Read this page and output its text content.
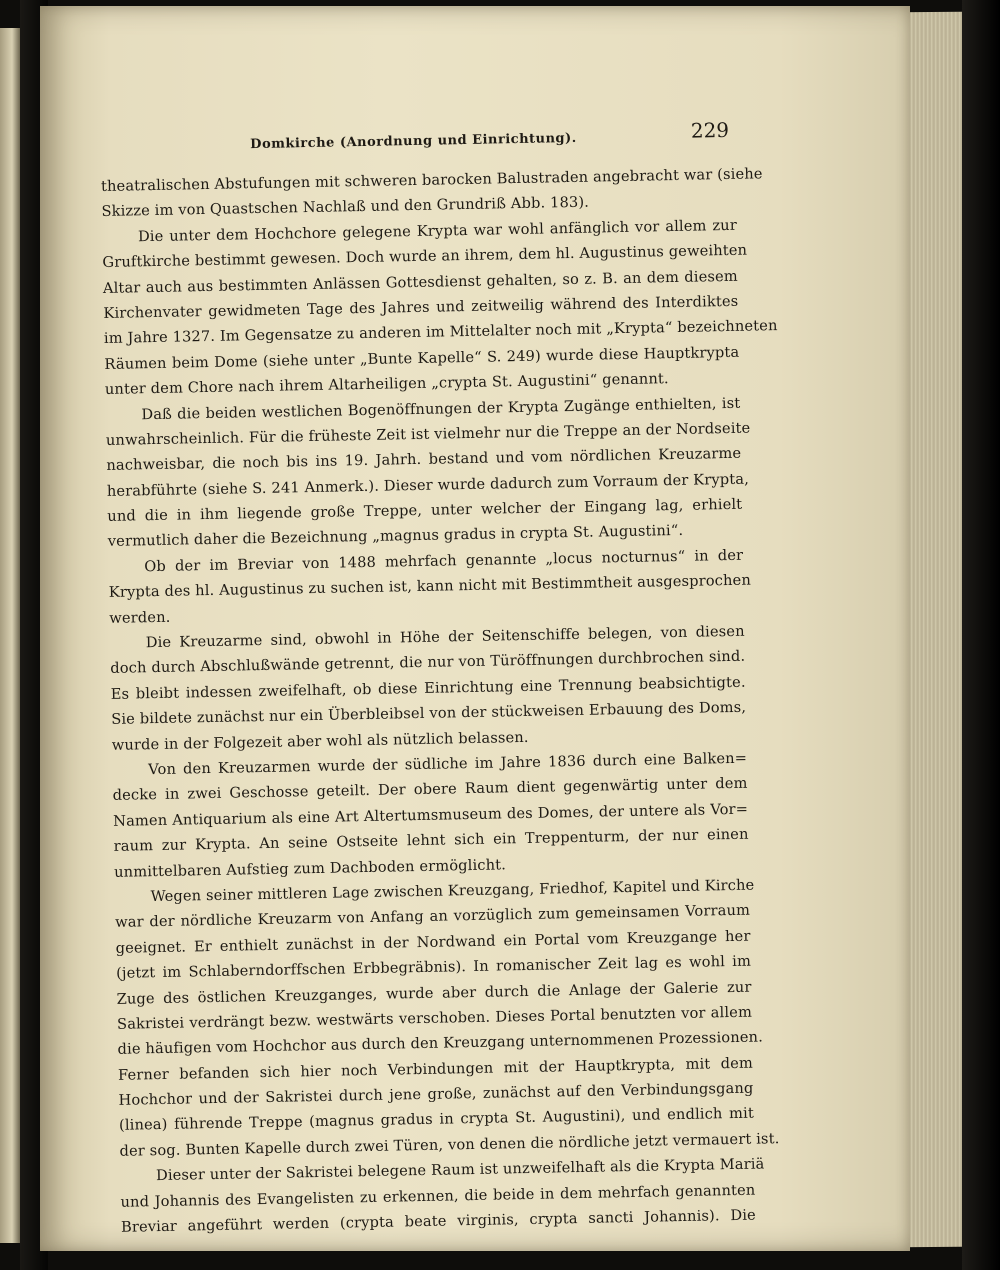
Domkirche (Anordnung und Einrichtung).	229

theatralischen Abstufungen mit schweren barocken Balustraden angebracht war (siehe

Skizze im von Quastschen Nachlaß und den Grundriß Abb. 183).

Die unter dem Hochchore gelegene Krypta war wohl anfänglich vor allem zur

Gruftkirche bestimmt gewesen. Doch wurde an ihrem, dem hl. Augustinus geweihten

Altar auch aus bestimmten Anlässen Gottesdienst gehalten, so z. B. an dem diesem

Kirchenvater gewidmeten Tage des Jahres und zeitweilig während des Interdiktes

im Jahre 1327. Im Gegensatze zu anderen im Mittelalter noch mit „Krypta“ bezeichneten

Räumen beim Dome (siehe unter „Bunte Kapelle“ S. 249) wurde diese Hauptkrypta

unter dem Chore nach ihrem Altarheiligen „crypta St. Augustini“ genannt.

Daß die beiden westlichen Bogenöffnungen der Krypta Zugänge enthielten, ist

unwahrscheinlich. Für die früheste Zeit ist vielmehr nur die Treppe an der Nordseite

nachweisbar, die noch bis ins 19. Jahrh. bestand und vom nördlichen Kreuzarme

herabführte (siehe S. 241 Anmerk.). Dieser wurde dadurch zum Vorraum der Krypta,

und die in ihm liegende große Treppe, unter welcher der Eingang lag, erhielt

vermutlich daher die Bezeichnung „magnus gradus in crypta St. Augustini“.

Ob der im Breviar von 1488 mehrfach genannte „locus nocturnus“ in der

Krypta des hl. Augustinus zu suchen ist, kann nicht mit Bestimmtheit ausgesprochen

werden.

Die Kreuzarme sind, obwohl in Höhe der Seitenschiffe belegen, von diesen

doch durch Abschlußwände getrennt, die nur von Türöffnungen durchbrochen sind.

Es bleibt indessen zweifelhaft, ob diese Einrichtung eine Trennung beabsichtigte.

Sie bildete zunächst nur ein Überbleibsel von der stückweisen Erbauung des Doms,

wurde in der Folgezeit aber wohl als nützlich belassen.

Von den Kreuzarmen wurde der südliche im Jahre 1836 durch eine Balken=

decke in zwei Geschosse geteilt. Der obere Raum dient gegenwärtig unter dem

Namen Antiquarium als eine Art Altertumsmuseum des Domes, der untere als Vor=

raum zur Krypta. An seine Ostseite lehnt sich ein Treppenturm, der nur einen

unmittelbaren Aufstieg zum Dachboden ermöglicht.

Wegen seiner mittleren Lage zwischen Kreuzgang, Friedhof, Kapitel und Kirche

war der nördliche Kreuzarm von Anfang an vorzüglich zum gemeinsamen Vorraum

geeignet. Er enthielt zunächst in der Nordwand ein Portal vom Kreuzgange her

(jetzt im Schlaberndorffschen Erbbegräbnis). In romanischer Zeit lag es wohl im

Zuge des östlichen Kreuzganges, wurde aber durch die Anlage der Galerie zur

Sakristei verdrängt bezw. westwärts verschoben. Dieses Portal benutzten vor allem

die häufigen vom Hochchor aus durch den Kreuzgang unternommenen Prozessionen.

Ferner befanden sich hier noch Verbindungen mit der Hauptkrypta, mit dem

Hochchor und der Sakristei durch jene große, zunächst auf den Verbindungsgang

(linea) führende Treppe (magnus gradus in crypta St. Augustini), und endlich mit

der sog. Bunten Kapelle durch zwei Türen, von denen die nördliche jetzt vermauert ist.

Dieser unter der Sakristei belegene Raum ist unzweifelhaft als die Krypta Mariä

und Johannis des Evangelisten zu erkennen, die beide in dem mehrfach genannten

Breviar angeführt werden (crypta beate virginis, crypta sancti Johannis). Die
